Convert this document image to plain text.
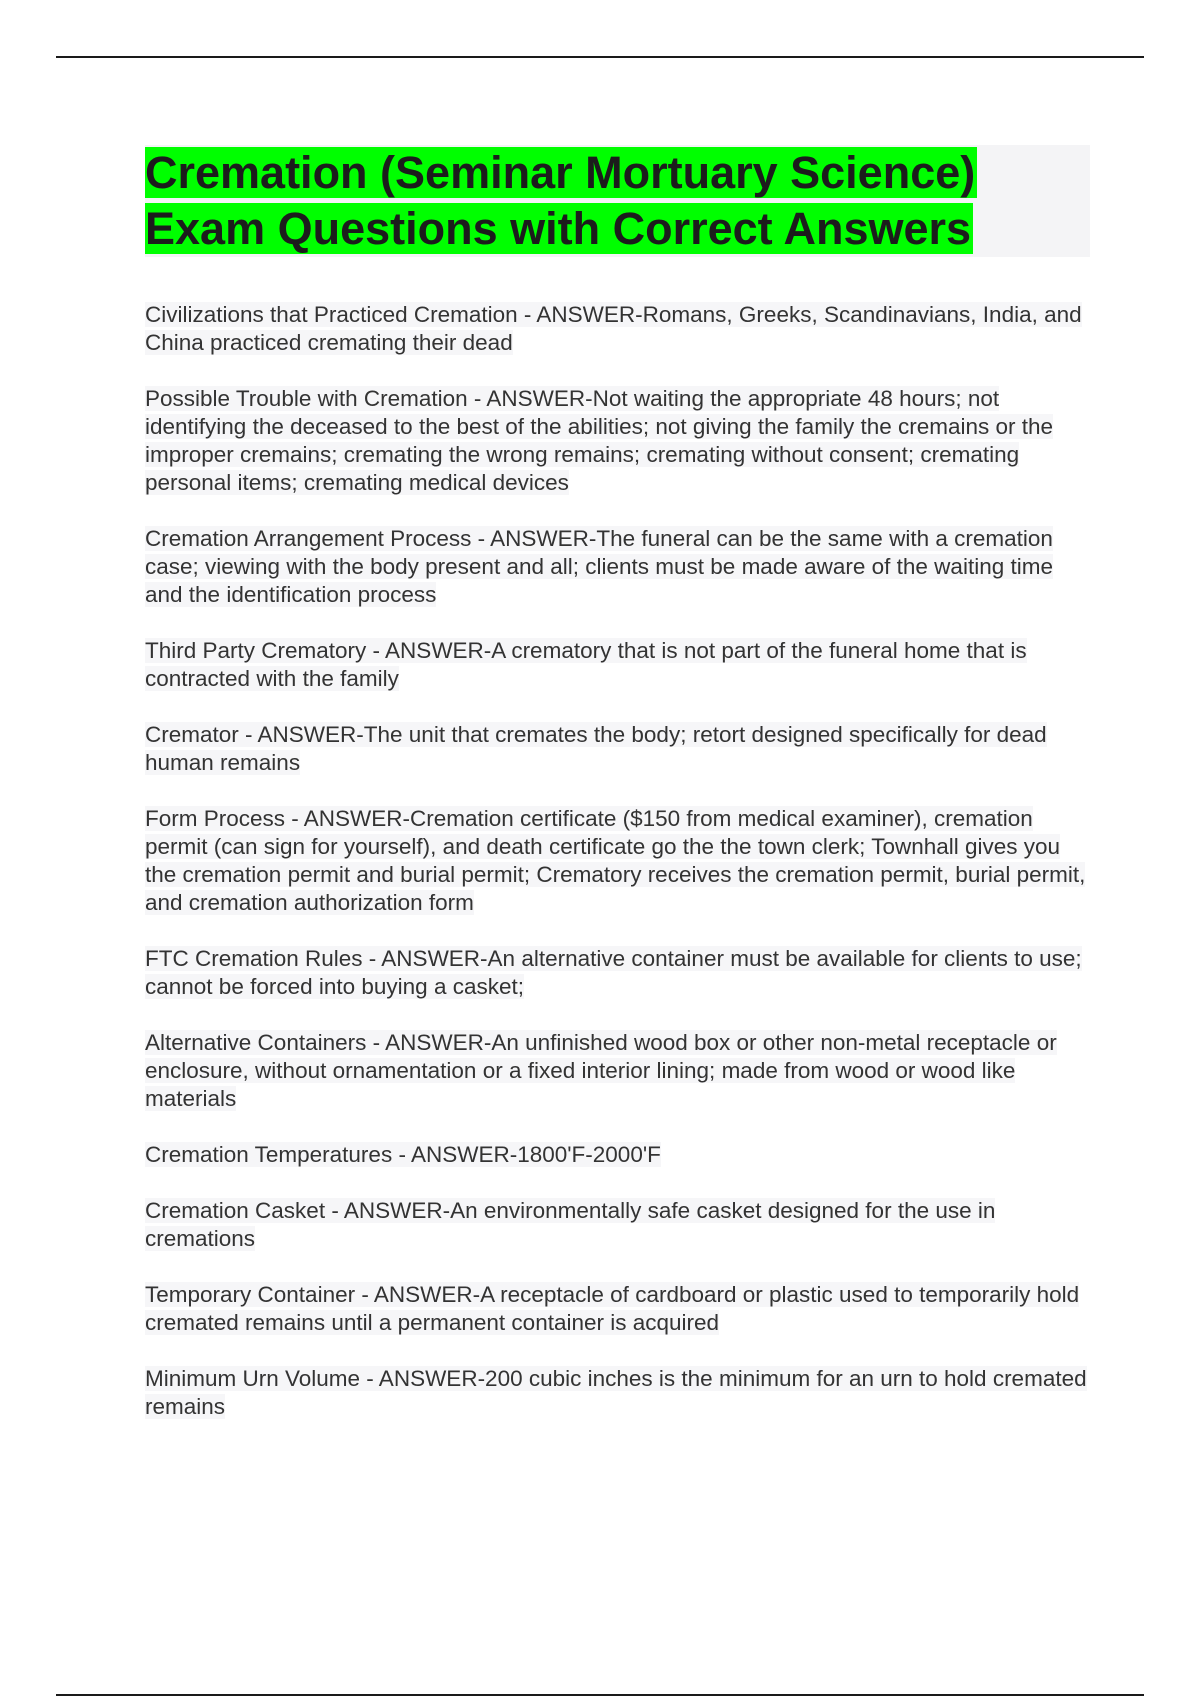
Cremation (Seminar Mortuary Science) Exam Questions with Correct Answers

Civilizations that Practiced Cremation - ANSWER-Romans, Greeks, Scandinavians, India, and China practiced cremating their dead

Possible Trouble with Cremation - ANSWER-Not waiting the appropriate 48 hours; not identifying the deceased to the best of the abilities; not giving the family the cremains or the improper cremains; cremating the wrong remains; cremating without consent; cremating personal items; cremating medical devices

Cremation Arrangement Process - ANSWER-The funeral can be the same with a cremation case; viewing with the body present and all; clients must be made aware of the waiting time and the identification process

Third Party Crematory - ANSWER-A crematory that is not part of the funeral home that is contracted with the family

Cremator - ANSWER-The unit that cremates the body; retort designed specifically for dead human remains

Form Process - ANSWER-Cremation certificate ($150 from medical examiner), cremation permit (can sign for yourself), and death certificate go the the town clerk; Townhall gives you the cremation permit and burial permit; Crematory receives the cremation permit, burial permit, and cremation authorization form

FTC Cremation Rules - ANSWER-An alternative container must be available for clients to use; cannot be forced into buying a casket;

Alternative Containers - ANSWER-An unfinished wood box or other non-metal receptacle or enclosure, without ornamentation or a fixed interior lining; made from wood or wood like materials

Cremation Temperatures - ANSWER-1800'F-2000'F

Cremation Casket - ANSWER-An environmentally safe casket designed for the use in cremations

Temporary Container - ANSWER-A receptacle of cardboard or plastic used to temporarily hold cremated remains until a permanent container is acquired

Minimum Urn Volume - ANSWER-200 cubic inches is the minimum for an urn to hold cremated remains
